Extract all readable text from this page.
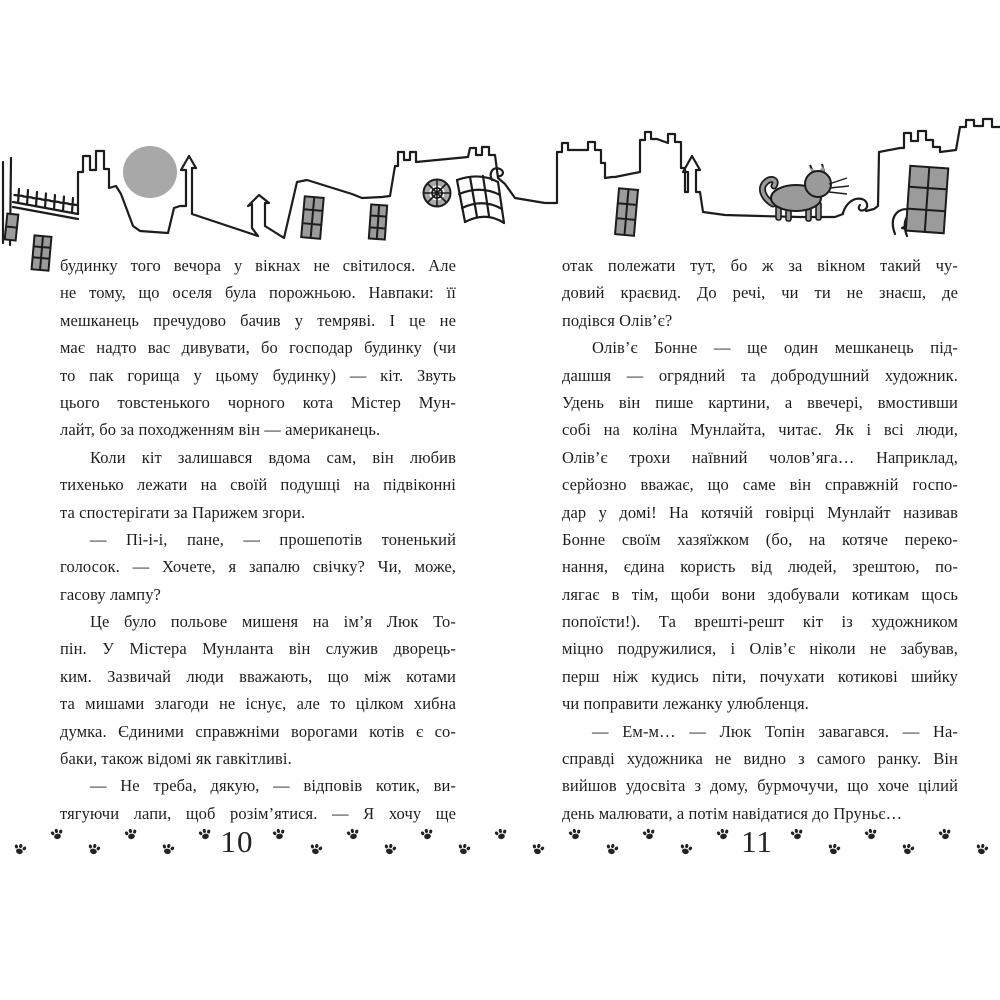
будинку того вечора у вікнах не світилося. Але
не тому, що оселя була порожньою. Навпаки: її
мешканець пречудово бачив у темряві. І це не
має надто вас дивувати, бо господар будинку (чи
то пак горища у цьому будинку) — кіт. Звуть
цього товстенького чорного кота Містер Мун-
лайт, бо за походженням він — американець.
Коли кіт залишався вдома сам, він любив
тихенько лежати на своїй подушці на підвіконні
та спостерігати за Парижем згори.
— Пі-і-і, пане, — прошепотів тоненький
голосок. — Хочете, я запалю свічку? Чи, може,
гасову лампу?
Це було польове мишеня на ім’я Люк То-
пін. У Містера Мунланта він служив дворець-
ким. Зазвичай люди вважають, що між котами
та мишами злагоди не існує, але то цілком хибна
думка. Єдиними справжніми ворогами котів є со-
баки, також відомі як гавкітливі.
— Не треба, дякую, — відповів котик, ви-
тягуючи лапи, щоб розім’ятися. — Я хочу ще
отак полежати тут, бо ж за вікном такий чу-
довий краєвид. До речі, чи ти не знаєш, де
подівся Олів’є?
Олів’є Бонне — ще один мешканець під-
дашшя — огрядний та добродушний художник.
Удень він пише картини, а ввечері, вмостивши
собі на коліна Мунлайта, читає. Як і всі люди,
Олів’є трохи наївний чолов’яга… Наприклад,
серйозно вважає, що саме він справжній госпо-
дар у домі! На котячій говірці Мунлайт називав
Бонне своїм хазяїжком (бо, на котяче переко-
нання, єдина користь від людей, зрештою, по-
лягає в тім, щоби вони здобували котикам щось
попоїсти!). Та врешті-решт кіт із художником
міцно подружилися, і Олів’є ніколи не забував,
перш ніж кудись піти, почухати котикові шийку
чи поправити лежанку улюбленця.
— Ем-м… — Люк Топін завагався. — На-
справді художника не видно з самого ранку. Він
вийшов удосвіта з дому, бурмочучи, що хоче цілий
день малювати, а потім навідатися до Пруньє…
10	11
